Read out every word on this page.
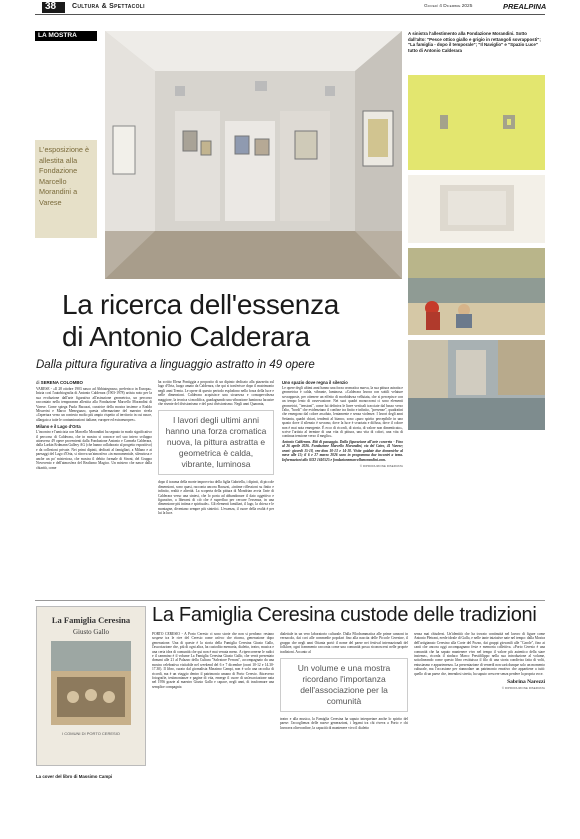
38 Cultura & Spettacoli	Giovedì 4 Dicembre 2025	PREALPINA
LA MOSTRA
L'esposizione è allestita alla Fondazione Marcello Morandini a Varese
A sinistra l'allestimento alla Fondazione Morandini. Sotto dall'alto: "Pesce ottico giallo e grigio in rettangoli sovrapposti"; "La famiglia - dopo il temporale"; "Il Naviglio" e "Spazio Luce" tutto di Antonio Calderara
La ricerca dell'essenza
di Antonio Calderara
Dalla pittura figurativa a linguaggio astratto in 49 opere

di SERENA COLOMBO

VARESE - «Il 28 ottobre 1903 nasco ad Abbiategrasso, preferisco in Europa». Inizia così l'autobiografia di Antonio Calderara (1903-1978) artista noto per la sua evoluzione dall'arte figurativa all'astrazione geometrica, un percorso raccontato nella temporanea allestita alla Fondazione Marcello Morandini di Varese. Come spiega Paola Bacuzzi, curatrice della mostra insieme a Eraldo Misserini e Marco Meneguzzo, questa affermazione del maestro rivela «l'apertura verso un contesto molto più ampio rispetto al territorio in cui nasce, allargato a tutte le contaminazioni italiane, europee ed extraeuropee».

Milano e il Lago d'Orta

L'incontro e l'amicizia con Marcello Morandini ha segnato in modo significativo il percorso di Calderara, che in mostra si conosce nel suo intero sviluppo attraverso 49 opere provenienti dalla Fondazione Antonio e Carmela Calderara, dalla Larkin Erdmann Gallery AG (che hanno collaborato al progetto espositivo) e da collezioni private. Nei primi dipinti, dedicati al famigliari, a Milano e ai paesaggi del Lago d'Orta, si ritrova un'atmosfera «in monumentale, silenziosa e anche un po' misteriosa, che mostra il debito formale di Sironi, del Gruppo Novecento e dell'atmosfera del Realismo Magico. Un mistero che nasce dalla chiarità, come

ha scritto Elena Pontiggia a proposito di un dipinto dedicato alla piazzetta sul lago d'Orta, luogo amato da Calderara, che qui si trasferisce dopo il matrimonio negli anni Trenta. Le opere di questo periodo esplodono nella forza della luce e nelle dimensioni. Calderara acquisisce una sicurezza e consapevolezza maggiore, la tecnica si modifica, guadagnando una vibrazione luminosa lacustre che risente del divisionismo e del post divisionismo. Negli anni Quaranta,

I lavori degli ultimi anni hanno una forza cromatica nuova, la pittura astratta e geometrica è calda, vibrante, luminosa

dopo il trauma della morte improvvisa della figlia Gabriella, i dipinti, di piccole dimensioni, sono quasi, racconta ancora Bacuzzi, «intime riflessioni su finito e infinito, realtà e alterità. La scoperta della pittura di Mondrian avvia l'arte di Calderara verso una sintesi, che lo porta ad abbandonare il dato oggettivo e figurativo, a liberarsi di ciò che è superfluo per cercare l'essenza, in una dimensione più intima e spirituale». Gli elementi familiari, il lago, la chiesa e le montagne, diventano sempre più sintetici. L'essenza, il cuore della realtà è per lui la luce.

Uno spazio dove regna il silenzio

Le opere degli ultimi anni hanno una forza cromatica nuova, la sua pittura astratta e geometrica è calda, vibrante, luminosa. «Calderara lavora con sottili velature sovrapposte, per ottenere un effetto di morbidezza vellutata, che si percepisce con un tempo lento di osservazione. Nei suoi quadri monocromi ci sono elementi geometrici, "tensioni", come lui definiva le linee verticali tracciate dal basso verso l'alto, "bordi" che evidenziano il confine tra finito e infinito, "presenze", quadratini che emergono dal colore assoluto, lentamente e senza violenze. I lavori degli anni Settanta, quadri chiari, tendenti al bianco, sono «puro spirito percepibile in uno spazio dove il silenzio è sovrano, dove la luce è svuotata e diffusa, dove il colore non è mai nota emergente. È ecco di ricordi, di storia, di valore non dimenticato», scrive l'artista al termine di una vita di pittura, una vita di colori, una vita di continua tensione verso il meglio».

Antonio Calderara. Riti di passaggio. Dalla figurazione all'arte concreta - Fino al 26 aprile 2026. Fondazione Marcello Morandini, via del Cairo, 41 Varese; orari: giovedì 15-18, ven-dom 10-13 e 14-18. Visite guidate due domeniche al mese alle 15; il 6 e 27 marzo 2026 sono in programma due incontri a tema. Informazioni allo 0332 1610525 e fondazionemarcellomorandini.com.

© RIPRODUZIONE RISERVATA

La Famiglia Ceresina
Giusto Gallo
I COMUNI DI PORTO CERESIO
La cover del libro di Massimo Campi
La Famiglia Ceresina custode delle tradizioni

PORTO CERESIO - A Porto Ceresio ci sono storie che non si perdono: restano sospese tra le rive del Ceresio come un'eco che ritorna, generazione dopo generazione. Una di queste è la storia della Famiglia Ceresina Giusto Gallo, l'associazione che, più di ogni altra, ha custodito memoria, dialetto, teatro, musica e una certa idea di comunità che qui non è mai venuta meno. A ripercorrerne le radici e il cammino è il volume La Famiglia Ceresina Giusto Gallo, che verrà presentato domani alle 21 al Palazzo della Cultura "Salvatore Ferrara", accompagnato da una mostra celebrativa visitabile nel weekend del 6 e 7 dicembre (orari 10-12 e 14.30-17.30). Il libro, curato dal giornalista Massimo Campi, non è solo una raccolta di ricordi, ma è un viaggio dentro il patrimonio umano di Porto Ceresio. Attraverso fotografie, testimonianze e pagine di vita, emerge il cuore di un'associazione nata nel 1956 grazie al maestro Giusto Gallo e capace, negli anni, di trasformare una semplice compagnia

dialettale in un vero laboratorio culturale. Dalla Filodrammatica alle prime canzoni in vernacolo, dai cori alle commedie popolari fino alla nascita delle Piccole Ceresine, il gruppo che negli anni Ottanta portò il nome del paese nei festival internazionali del folklore, ogni frammento racconta come una comunità possa riconoscersi nelle proprie tradizioni. Accanto al

Un volume e una mostra ricordano l'importanza dell'associazione per la comunità

teatro e alla musica, la Famiglia Ceresina ha saputo interpretare anche lo spirito del paese: l'accoglienza delle nuove generazioni, i legami tra chi riveva a Porto e chi lavorava oltreconfine, la capacità di mantenere vivo il dialetto

senza mai chiudersi. Un'identità che ha trovato continuità nel lavoro di figure come Antonio Pletrani, erede ideale di Gallo, e nelle tante iniziative nate nel tempo: dalla Mostra dell'artigianato Ceresino alla Corte del Pozzo, dai gruppi giovanili alle "Carole", fino ai canti che ancora oggi accompagnano feste e memoria collettiva. «Porto Ceresio è una comunità che ha saputo mantenere vivo nel tempo il valore più autentico della stare insieme», ricorda il sindaco Marco Prestifilippo nella sua introduzione al volume, sottolineando come questo libro restituisca il filo di una storia condivisa fatta di volti, entusiasmo e appartenenza. La presentazione di venerdì non sarà dunque solo un momento culturale, ma l'occasione per riannodare un patrimonio emotivo che appartiene a tutti: quello di un paese che, tenendosi stretto, ha saputo crescere senza perdere la propria voce.

Sabrina Narezzi

© RIPRODUZIONE RISERVATA
